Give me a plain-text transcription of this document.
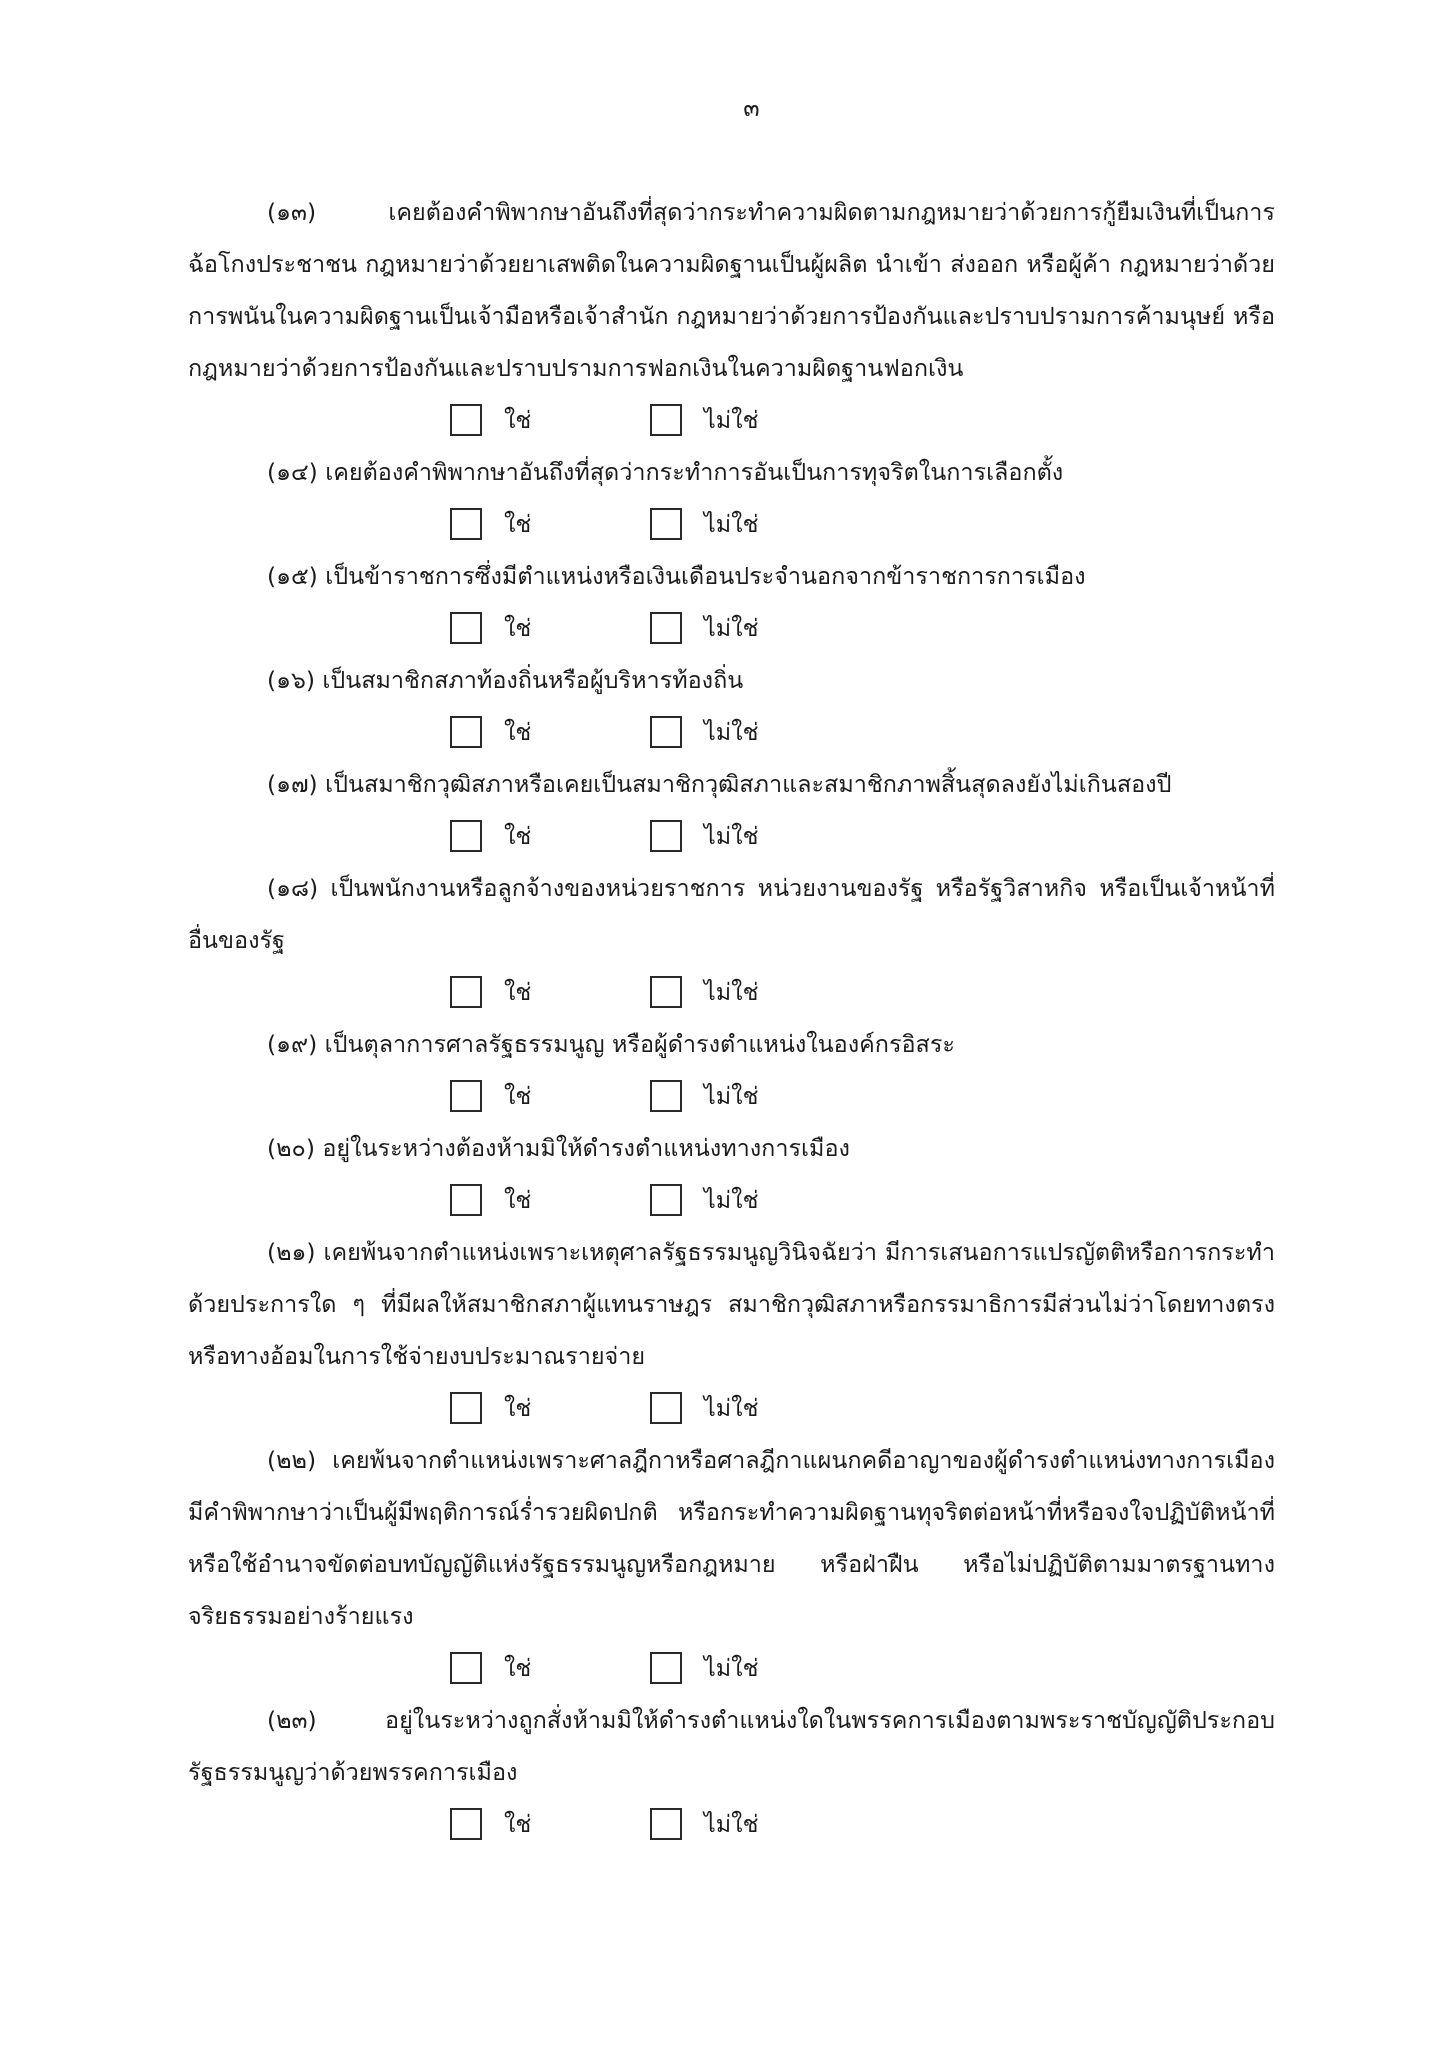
๓

(๑๓) เคยต้องคำพิพากษาอันถึงที่สุดว่ากระทำความผิดตามกฎหมายว่าด้วยการกู้ยืมเงินที่เป็นการฉ้อโกงประชาชน กฎหมายว่าด้วยยาเสพติดในความผิดฐานเป็นผู้ผลิต นำเข้า ส่งออก หรือผู้ค้า กฎหมายว่าด้วยการพนันในความผิดฐานเป็นเจ้ามือหรือเจ้าสำนัก กฎหมายว่าด้วยการป้องกันและปราบปรามการค้ามนุษย์ หรือกฎหมายว่าด้วยการป้องกันและปราบปรามการฟอกเงินในความผิดฐานฟอกเงิน

ใช่	ไม่ใช่

(๑๔) เคยต้องคำพิพากษาอันถึงที่สุดว่ากระทำการอันเป็นการทุจริตในการเลือกตั้ง

ใช่	ไม่ใช่

(๑๕) เป็นข้าราชการซึ่งมีตำแหน่งหรือเงินเดือนประจำนอกจากข้าราชการการเมือง

ใช่	ไม่ใช่

(๑๖) เป็นสมาชิกสภาท้องถิ่นหรือผู้บริหารท้องถิ่น

ใช่	ไม่ใช่

(๑๗) เป็นสมาชิกวุฒิสภาหรือเคยเป็นสมาชิกวุฒิสภาและสมาชิกภาพสิ้นสุดลงยังไม่เกินสองปี

ใช่	ไม่ใช่

(๑๘) เป็นพนักงานหรือลูกจ้างของหน่วยราชการ หน่วยงานของรัฐ หรือรัฐวิสาหกิจ หรือเป็นเจ้าหน้าที่อื่นของรัฐ

ใช่	ไม่ใช่

(๑๙) เป็นตุลาการศาลรัฐธรรมนูญ หรือผู้ดำรงตำแหน่งในองค์กรอิสระ

ใช่	ไม่ใช่

(๒๐) อยู่ในระหว่างต้องห้ามมิให้ดำรงตำแหน่งทางการเมือง

ใช่	ไม่ใช่

(๒๑) เคยพ้นจากตำแหน่งเพราะเหตุศาลรัฐธรรมนูญวินิจฉัยว่า มีการเสนอการแปรญัตติหรือการกระทำด้วยประการใด ๆ ที่มีผลให้สมาชิกสภาผู้แทนราษฎร สมาชิกวุฒิสภาหรือกรรมาธิการมีส่วนไม่ว่าโดยทางตรงหรือทางอ้อมในการใช้จ่ายงบประมาณรายจ่าย

ใช่	ไม่ใช่

(๒๒) เคยพ้นจากตำแหน่งเพราะศาลฎีกาหรือศาลฎีกาแผนกคดีอาญาของผู้ดำรงตำแหน่งทางการเมืองมีคำพิพากษาว่าเป็นผู้มีพฤติการณ์ร่ำรวยผิดปกติ หรือกระทำความผิดฐานทุจริตต่อหน้าที่หรือจงใจปฏิบัติหน้าที่หรือใช้อำนาจขัดต่อบทบัญญัติแห่งรัฐธรรมนูญหรือกฎหมาย หรือฝ่าฝืน หรือไม่ปฏิบัติตามมาตรฐานทางจริยธรรมอย่างร้ายแรง

ใช่	ไม่ใช่

(๒๓) อยู่ในระหว่างถูกสั่งห้ามมิให้ดำรงตำแหน่งใดในพรรคการเมืองตามพระราชบัญญัติประกอบรัฐธรรมนูญว่าด้วยพรรคการเมือง

ใช่	ไม่ใช่
